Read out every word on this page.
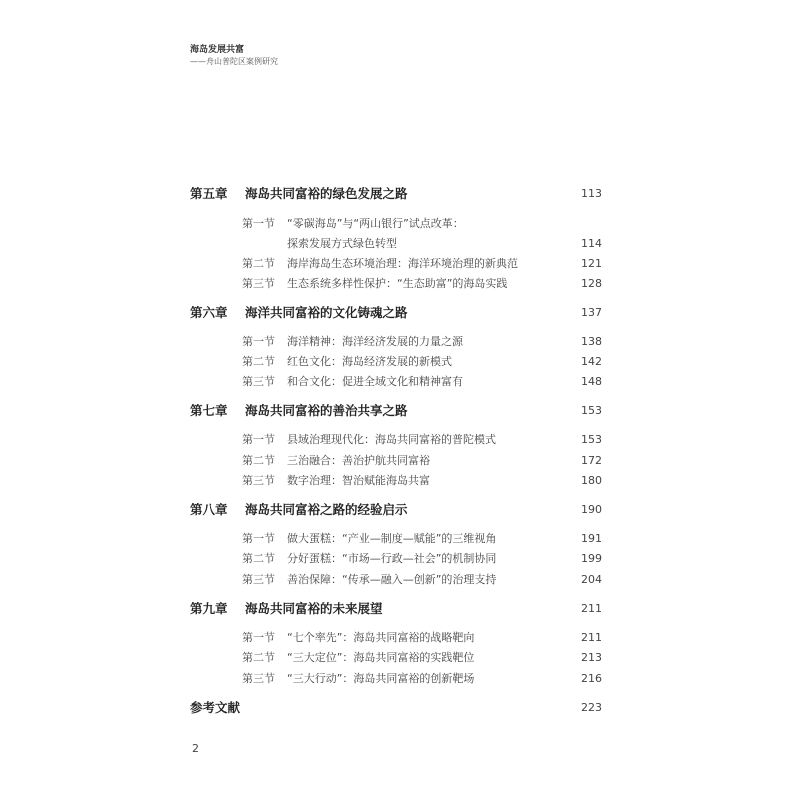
海岛发展共富
——舟山普陀区案例研究
第五章 海岛共同富裕的绿色发展之路	113
第一节 “零碳海岛”与“两山银行”试点改革：
探索发展方式绿色转型	114
第二节 海岸海岛生态环境治理：海洋环境治理的新典范	121
第三节 生态系统多样性保护：“生态助富”的海岛实践	128
第六章 海洋共同富裕的文化铸魂之路	137
第一节 海洋精神：海洋经济发展的力量之源	138
第二节 红色文化：海岛经济发展的新模式	142
第三节 和合文化：促进全域文化和精神富有	148
第七章 海岛共同富裕的善治共享之路	153
第一节 县域治理现代化：海岛共同富裕的普陀模式	153
第二节 三治融合：善治护航共同富裕	172
第三节 数字治理：智治赋能海岛共富	180
第八章 海岛共同富裕之路的经验启示	190
第一节 做大蛋糕：“产业—制度—赋能”的三维视角	191
第二节 分好蛋糕：“市场—行政—社会”的机制协同	199
第三节 善治保障：“传承—融入—创新”的治理支持	204
第九章 海岛共同富裕的未来展望	211
第一节 “七个率先”：海岛共同富裕的战略靶向	211
第二节 “三大定位”：海岛共同富裕的实践靶位	213
第三节 “三大行动”：海岛共同富裕的创新靶场	216
参考文献	223
2
